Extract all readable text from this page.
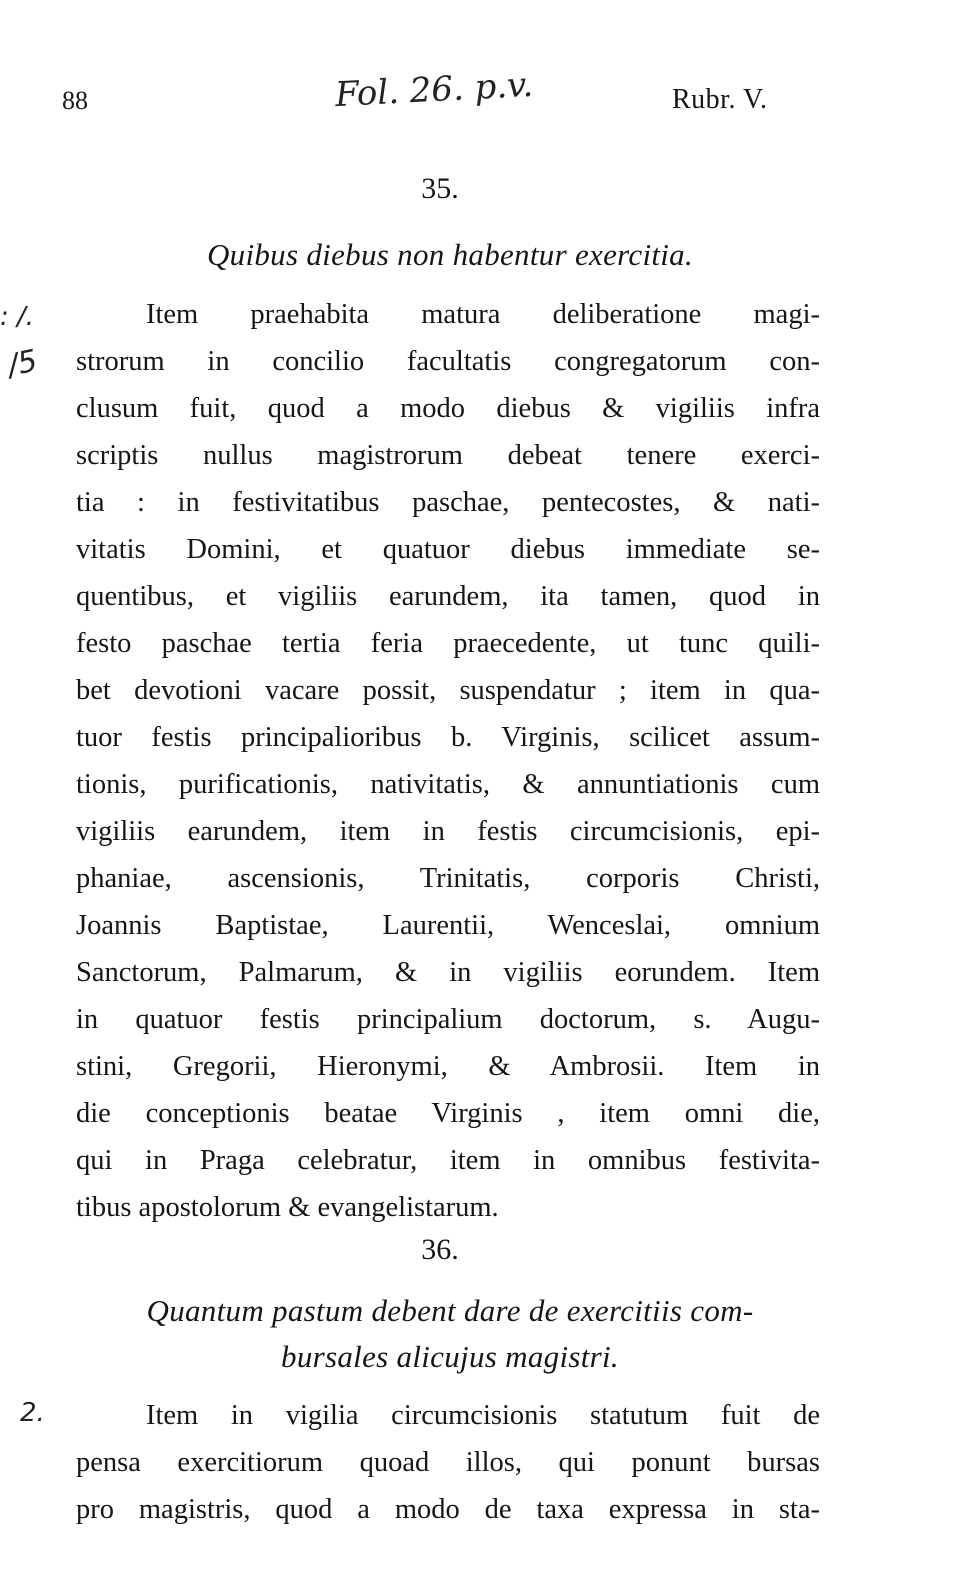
88	Fol. 26. p.v.	Rubr. V.
35.
Quibus diebus non habentur exercitia.
: /.
/5
Item praehabita matura deliberatione magi-
strorum in concilio facultatis congregatorum con-
clusum fuit, quod a modo diebus & vigiliis infra
scriptis nullus magistrorum debeat tenere exerci-
tia : in festivitatibus paschae, pentecostes, & nati-
vitatis Domini, et quatuor diebus immediate se-
quentibus, et vigiliis earundem, ita tamen, quod in
festo paschae tertia feria praecedente, ut tunc quili-
bet devotioni vacare possit, suspendatur ; item in qua-
tuor festis principalioribus b. Virginis, scilicet assum-
tionis, purificationis, nativitatis, & annuntiationis cum
vigiliis earundem, item in festis circumcisionis, epi-
phaniae, ascensionis, Trinitatis, corporis Christi,
Joannis Baptistae, Laurentii, Wenceslai, omnium
Sanctorum, Palmarum, & in vigiliis eorundem. Item
in quatuor festis principalium doctorum, s. Augu-
stini, Gregorii, Hieronymi, & Ambrosii. Item in
die conceptionis beatae Virginis , item omni die,
qui in Praga celebratur, item in omnibus festivita-
tibus apostolorum & evangelistarum.
36.
Quantum pastum debent dare de exercitiis com-
bursales alicujus magistri.
2.	Item in vigilia circumcisionis statutum fuit de
pensa exercitiorum quoad illos, qui ponunt bursas
pro magistris, quod a modo de taxa expressa in sta-
